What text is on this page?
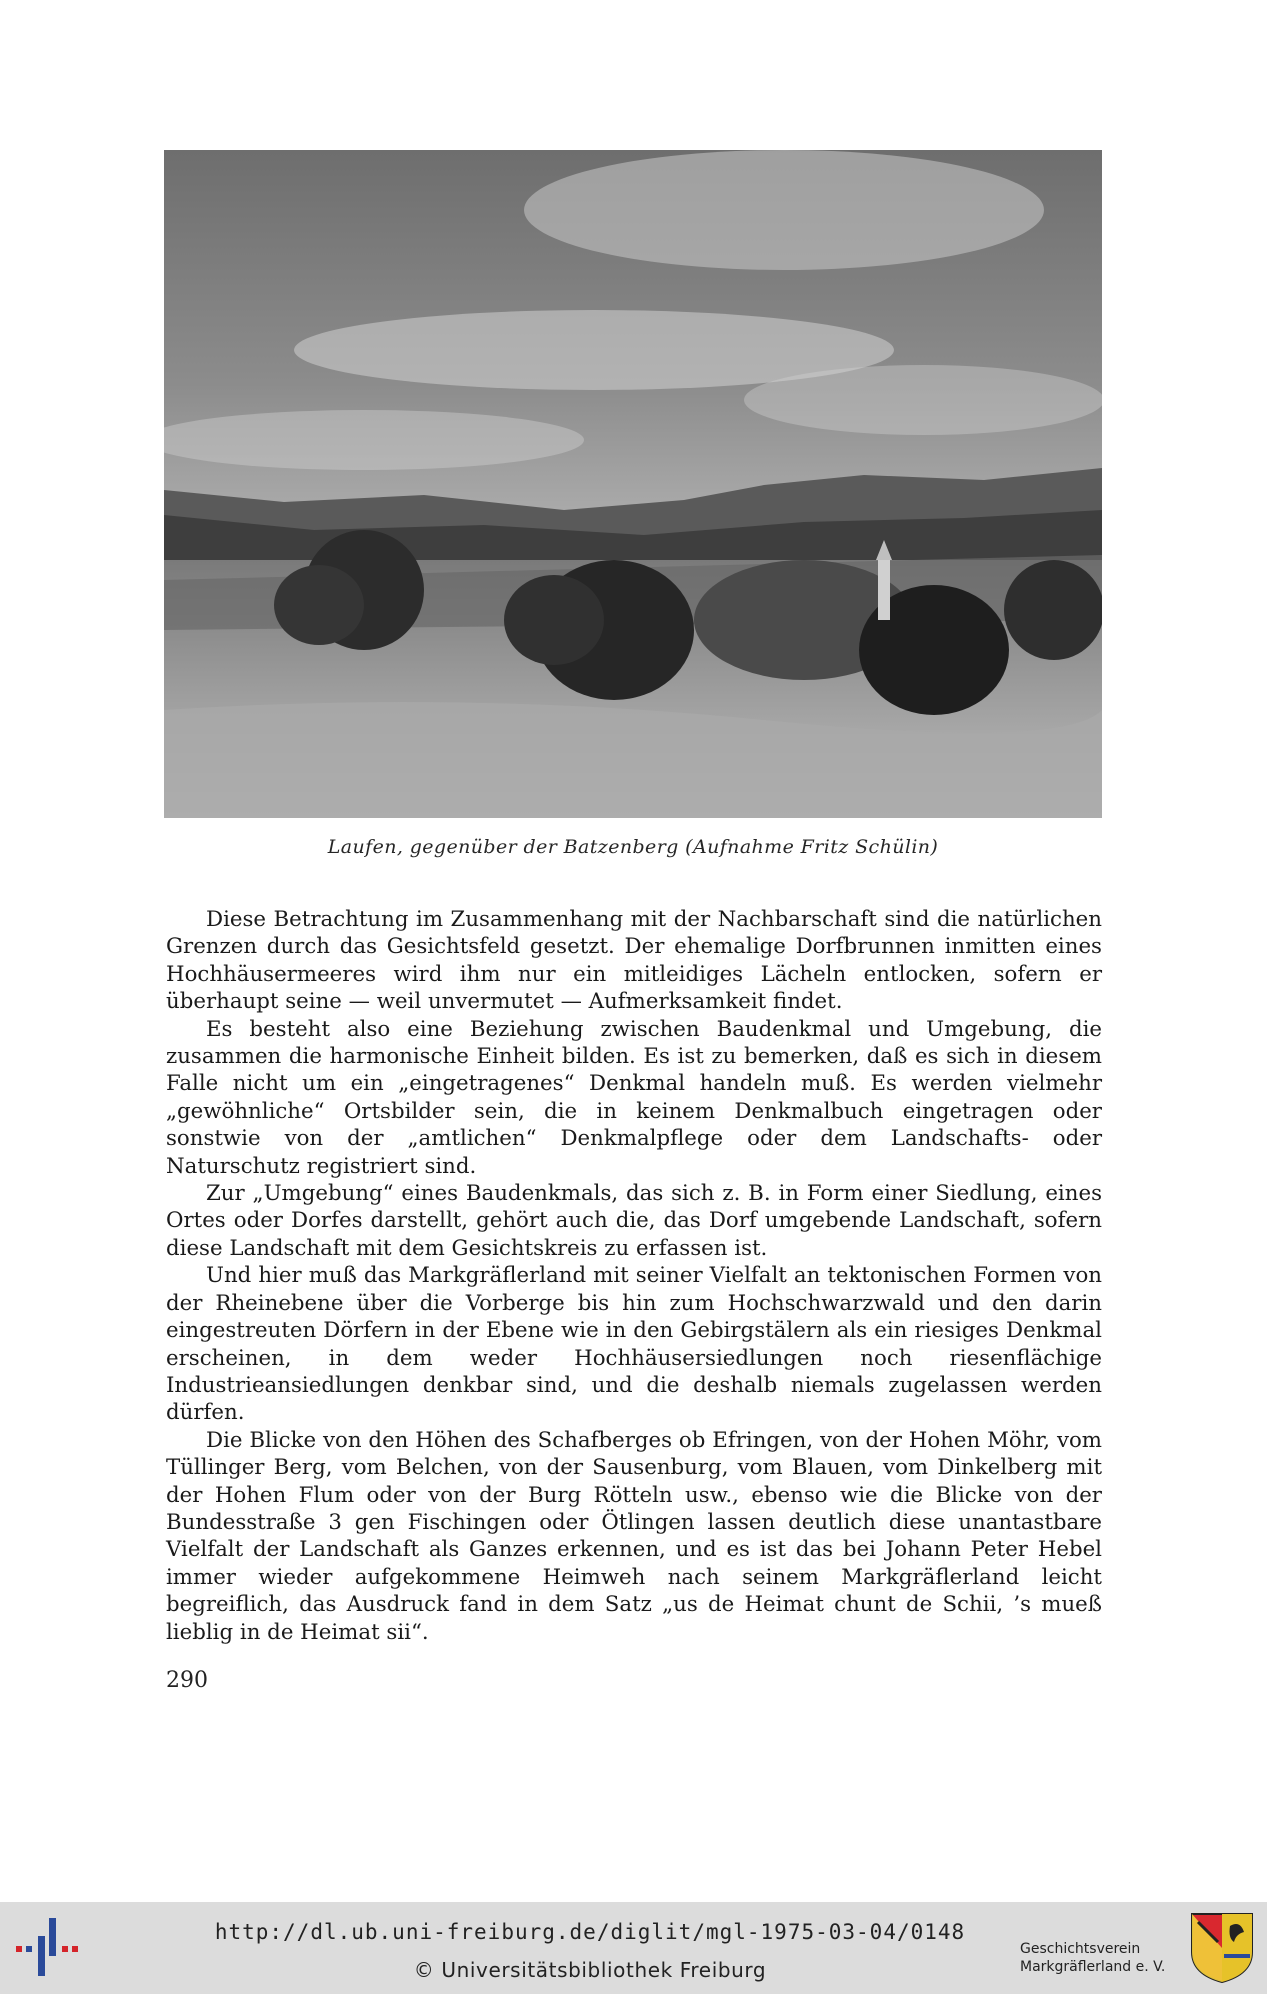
Laufen, gegenüber der Batzenberg (Aufnahme Fritz Schülin)

Diese Betrachtung im Zusammenhang mit der Nachbarschaft sind die natürlichen Grenzen durch das Gesichtsfeld gesetzt. Der ehemalige Dorfbrunnen inmitten eines Hochhäusermeeres wird ihm nur ein mitleidiges Lächeln entlocken, sofern er überhaupt seine — weil unvermutet — Aufmerksamkeit findet.

Es besteht also eine Beziehung zwischen Baudenkmal und Umgebung, die zusammen die harmonische Einheit bilden. Es ist zu bemerken, daß es sich in diesem Falle nicht um ein „eingetragenes“ Denkmal handeln muß. Es werden vielmehr „gewöhnliche“ Ortsbilder sein, die in keinem Denkmalbuch eingetragen oder sonstwie von der „amtlichen“ Denkmalpflege oder dem Landschafts- oder Naturschutz registriert sind.

Zur „Umgebung“ eines Baudenkmals, das sich z. B. in Form einer Siedlung, eines Ortes oder Dorfes darstellt, gehört auch die, das Dorf umgebende Landschaft, sofern diese Landschaft mit dem Gesichtskreis zu erfassen ist.

Und hier muß das Markgräflerland mit seiner Vielfalt an tektonischen Formen von der Rheinebene über die Vorberge bis hin zum Hochschwarzwald und den darin eingestreuten Dörfern in der Ebene wie in den Gebirgstälern als ein riesiges Denkmal erscheinen, in dem weder Hochhäusersiedlungen noch riesenflächige Industrieansiedlungen denkbar sind, und die deshalb niemals zugelassen werden dürfen.

Die Blicke von den Höhen des Schafberges ob Efringen, von der Hohen Möhr, vom Tüllinger Berg, vom Belchen, von der Sausenburg, vom Blauen, vom Dinkelberg mit der Hohen Flum oder von der Burg Rötteln usw., ebenso wie die Blicke von der Bundesstraße 3 gen Fischingen oder Ötlingen lassen deutlich diese unantastbare Vielfalt der Landschaft als Ganzes erkennen, und es ist das bei Johann Peter Hebel immer wieder aufgekommene Heimweh nach seinem Markgräflerland leicht begreiflich, das Ausdruck fand in dem Satz „us de Heimat chunt de Schii, ’s mueß lieblig in de Heimat sii“.

290
http://dl.ub.uni-freiburg.de/diglit/mgl-1975-03-04/0148
© Universitätsbibliothek Freiburg
Geschichtsverein
Markgräflerland e. V.
